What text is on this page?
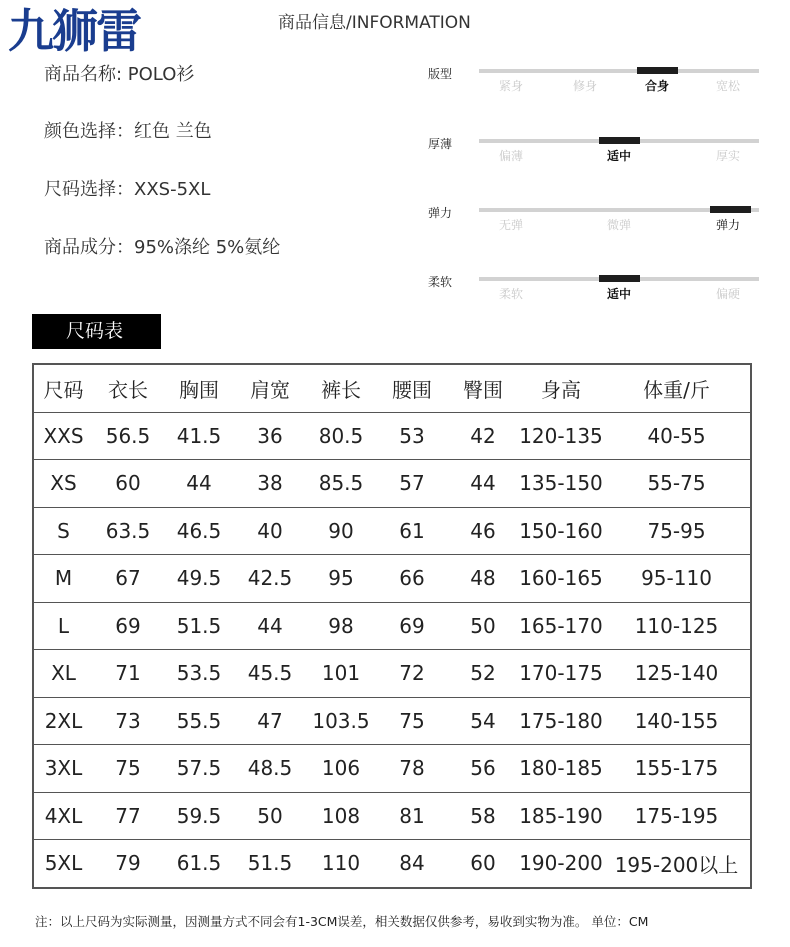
九狮雷	商品信息/INFORMATION
商品名称: POLO衫
颜色选择：红色 兰色
尺码选择：XXS-5XL
商品成分：95%涤纶 5%氨纶
版型
紧身	修身	合身	宽松
厚薄
偏薄	适中	厚实
弹力
无弹	微弹	弹力
柔软
柔软	适中	偏硬
尺码表
尺码	衣长	胸围	肩宽	裤长	腰围	臀围	身高	体重/斤
XXS	56.5	41.5	36	80.5	53	42	120-135	40-55
XS	60	44	38	85.5	57	44	135-150	55-75
S	63.5	46.5	40	90	61	46	150-160	75-95
M	67	49.5	42.5	95	66	48	160-165	95-110
L	69	51.5	44	98	69	50	165-170	110-125
XL	71	53.5	45.5	101	72	52	170-175	125-140
2XL	73	55.5	47	103.5	75	54	175-180	140-155
3XL	75	57.5	48.5	106	78	56	180-185	155-175
4XL	77	59.5	50	108	81	58	185-190	175-195
5XL	79	61.5	51.5	110	84	60	190-200	195-200以上
注：以上尺码为实际测量，因测量方式不同会有1-3CM误差，相关数据仅供参考，易收到实物为准。 单位：CM
